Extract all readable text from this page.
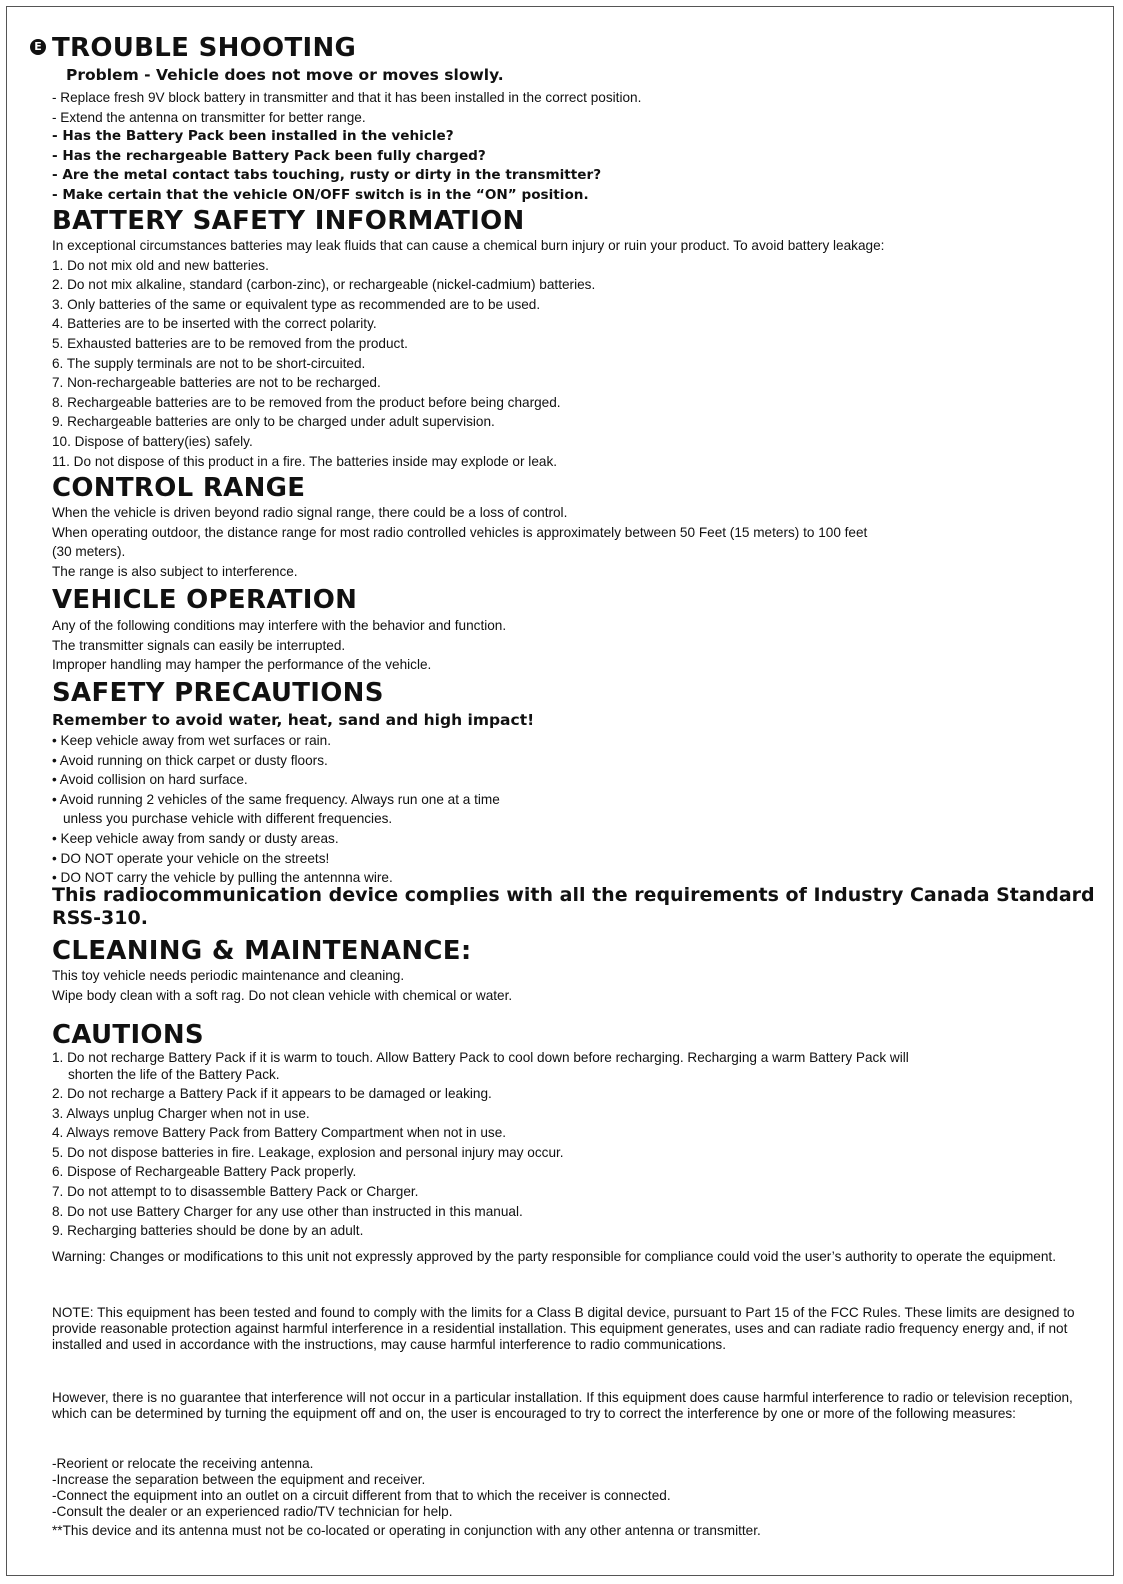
E TROUBLE SHOOTING
Problem - Vehicle does not move or moves slowly.
- Replace fresh 9V block battery in transmitter and that it has been installed in the correct position.
- Extend the antenna on transmitter for better range.
- Has the Battery Pack been installed in the vehicle?
- Has the rechargeable Battery Pack been fully charged?
- Are the metal contact tabs touching, rusty or dirty in the transmitter?
- Make certain that the vehicle ON/OFF switch is in the “ON” position.
BATTERY SAFETY INFORMATION
In exceptional circumstances batteries may leak fluids that can cause a chemical burn injury or ruin your product. To avoid battery leakage:
1. Do not mix old and new batteries.
2. Do not mix alkaline, standard (carbon-zinc), or rechargeable (nickel-cadmium) batteries.
3. Only batteries of the same or equivalent type as recommended are to be used.
4. Batteries are to be inserted with the correct polarity.
5. Exhausted batteries are to be removed from the product.
6. The supply terminals are not to be short-circuited.
7. Non-rechargeable batteries are not to be recharged.
8. Rechargeable batteries are to be removed from the product before being charged.
9. Rechargeable batteries are only to be charged under adult supervision.
10. Dispose of battery(ies) safely.
11. Do not dispose of this product in a fire. The batteries inside may explode or leak.
CONTROL RANGE
When the vehicle is driven beyond radio signal range, there could be a loss of control.
When operating outdoor, the distance range for most radio controlled vehicles is approximately between 50 Feet (15 meters) to 100 feet
(30 meters).
The range is also subject to interference.
VEHICLE OPERATION
Any of the following conditions may interfere with the behavior and function.
The transmitter signals can easily be interrupted.
Improper handling may hamper the performance of the vehicle.
SAFETY PRECAUTIONS
Remember to avoid water, heat, sand and high impact!
• Keep vehicle away from wet surfaces or rain.
• Avoid running on thick carpet or dusty floors.
• Avoid collision on hard surface.
• Avoid running 2 vehicles of the same frequency. Always run one at a time
unless you purchase vehicle with different frequencies.
• Keep vehicle away from sandy or dusty areas.
• DO NOT operate your vehicle on the streets!
• DO NOT carry the vehicle by pulling the antennna wire.
This radiocommunication device complies with all the requirements of Industry Canada Standard RSS-310.
CLEANING & MAINTENANCE:
This toy vehicle needs periodic maintenance and cleaning.
Wipe body clean with a soft rag. Do not clean vehicle with chemical or water.
CAUTIONS
1. Do not recharge Battery Pack if it is warm to touch. Allow Battery Pack to cool down before recharging. Recharging a warm Battery Pack will
shorten the life of the Battery Pack.
2. Do not recharge a Battery Pack if it appears to be damaged or leaking.
3. Always unplug Charger when not in use.
4. Always remove Battery Pack from Battery Compartment when not in use.
5. Do not dispose batteries in fire. Leakage, explosion and personal injury may occur.
6. Dispose of Rechargeable Battery Pack properly.
7. Do not attempt to to disassemble Battery Pack or Charger.
8. Do not use Battery Charger for any use other than instructed in this manual.
9. Recharging batteries should be done by an adult.
Warning: Changes or modifications to this unit not expressly approved by the party responsible for compliance could void the user’s authority to operate the equipment.
NOTE: This equipment has been tested and found to comply with the limits for a Class B digital device, pursuant to Part 15 of the FCC Rules. These limits are designed to provide reasonable protection against harmful interference in a residential installation. This equipment generates, uses and can radiate radio frequency energy and, if not installed and used in accordance with the instructions, may cause harmful interference to radio communications.
However, there is no guarantee that interference will not occur in a particular installation. If this equipment does cause harmful interference to radio or television reception, which can be determined by turning the equipment off and on, the user is encouraged to try to correct the interference by one or more of the following measures:
-Reorient or relocate the receiving antenna.
-Increase the separation between the equipment and receiver.
-Connect the equipment into an outlet on a circuit different from that to which the receiver is connected.
-Consult the dealer or an experienced radio/TV technician for help.
**This device and its antenna must not be co-located or operating in conjunction with any other antenna or transmitter.
